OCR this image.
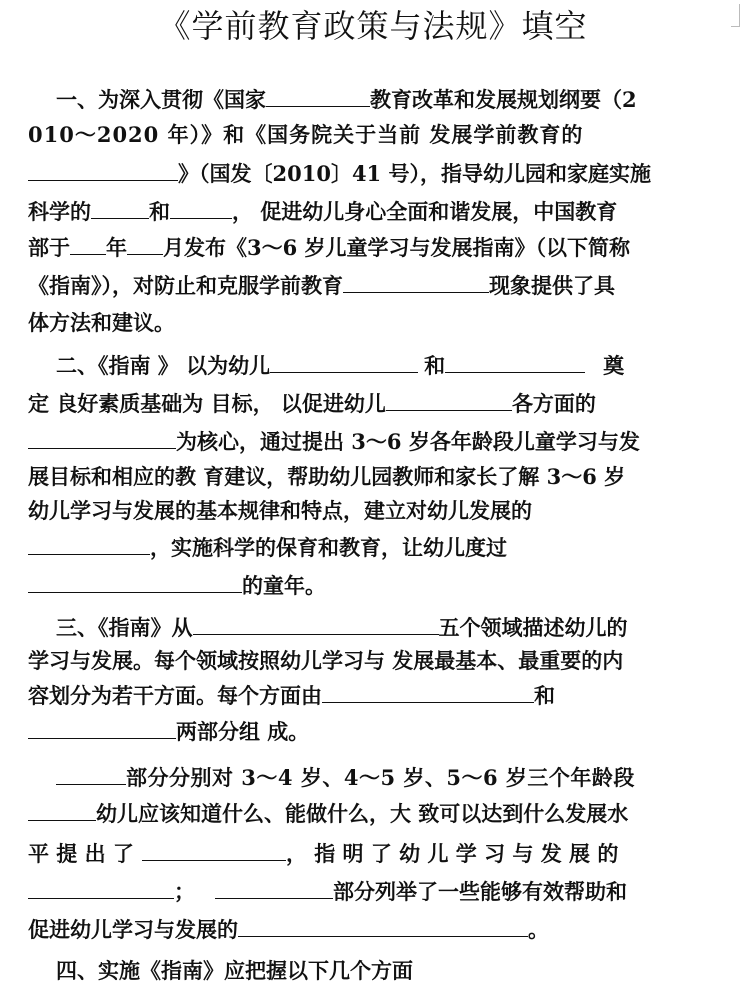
《学前教育政策与法规》填空
一、为深入贯彻《国家	教育改革和发展规划纲要（2
010～2020 年）》和《国务院关于当前 发展学前教育的
》（国发〔2010〕41 号），指导幼儿园和家庭实施
科学的	和	， 促进幼儿身心全面和谐发展，中国教育
部于 年 月发布《3～6 岁儿童学习与发展指南》（以下简称
《指南》），对防止和克服学前教育	现象提供了具
体方法和建议。
二、《指南 》 以为幼儿	和	奠
定 良好素质基础为 目标， 以促进幼儿	各方面的
为核心，通过提出 3～6 岁各年龄段儿童学习与发
展目标和相应的教 育建议，帮助幼儿园教师和家长了解 3～6 岁
幼儿学习与发展的基本规律和特点，建立对幼儿发展的
，实施科学的保育和教育，让幼儿度过
的童年。
三、《指南》从	五个领域描述幼儿的
学习与发展。每个领域按照幼儿学习与 发展最基本、最重要的内
容划分为若干方面。每个方面由	和
两部分组 成。
部分分别对 3～4 岁、4～5 岁、5～6 岁三个年龄段
幼儿应该知道什么、能做什么，大 致可以达到什么发展水
平 提 出 了	， 指 明 了 幼 儿 学 习 与 发 展 的
；	部分列举了一些能够有效帮助和
促进幼儿学习与发展的	。
四、实施《指南》应把握以下几个方面
